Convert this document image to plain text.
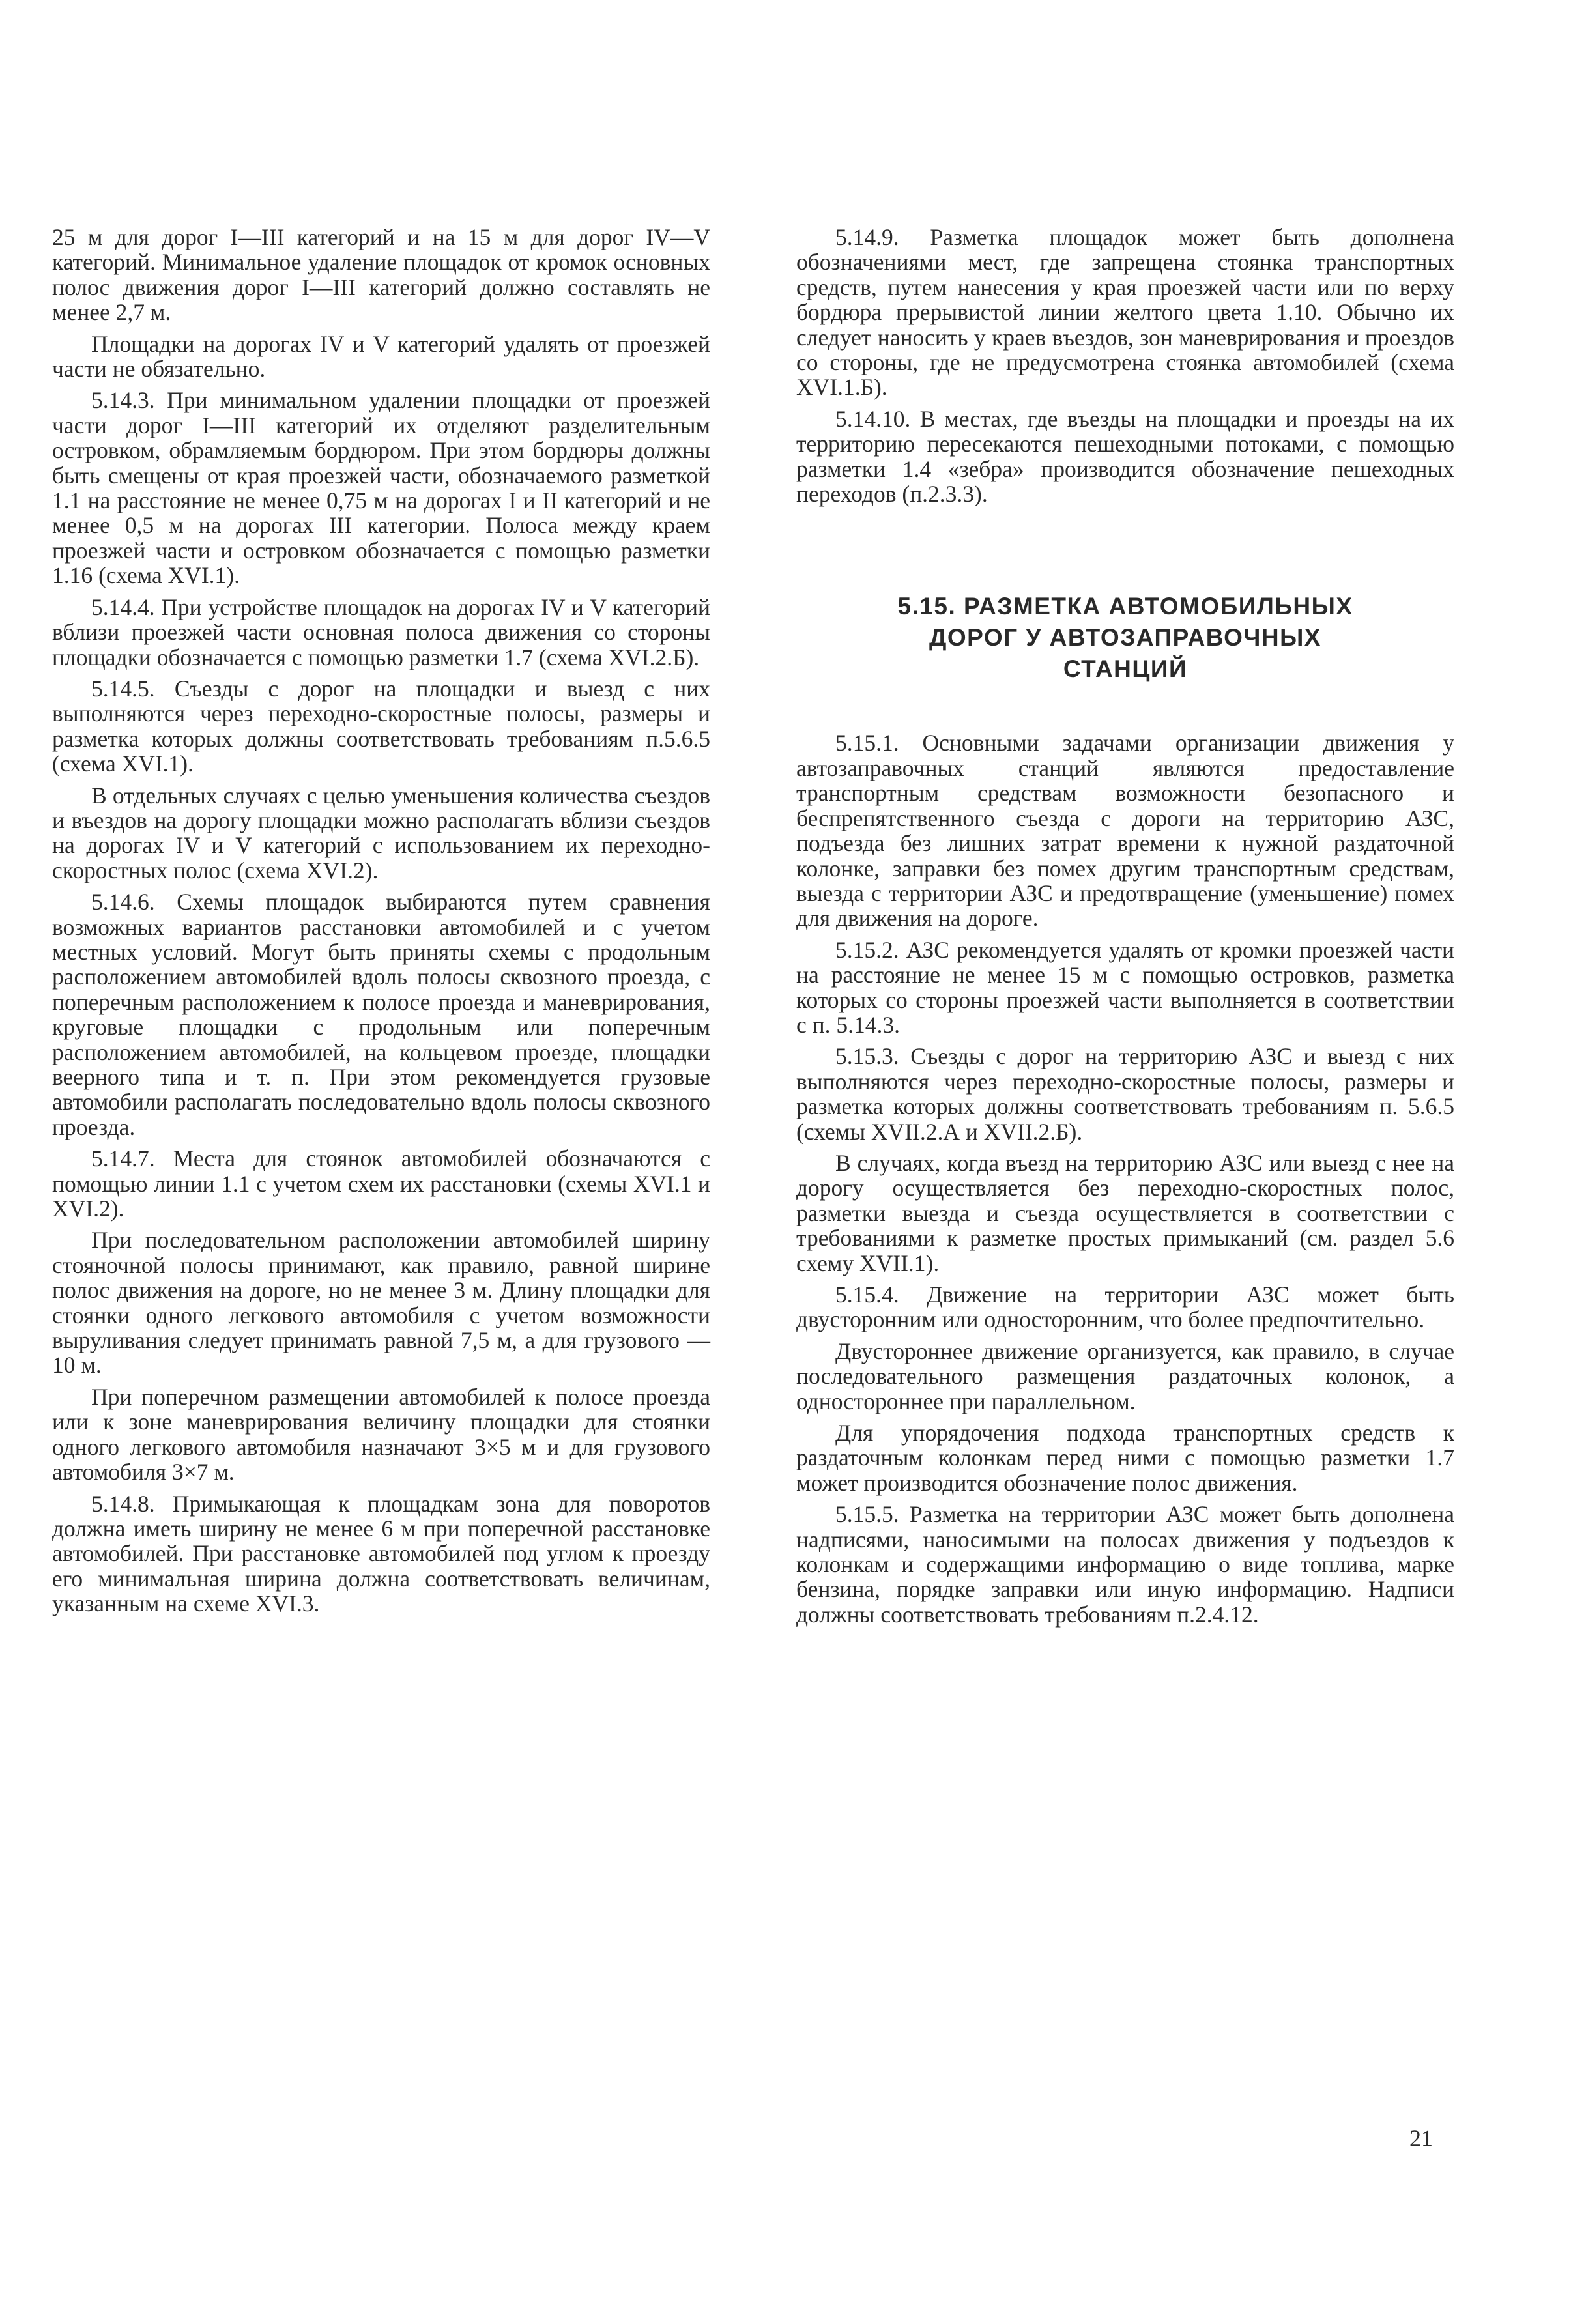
25 м для дорог I—III категорий и на 15 м для дорог IV—V категорий. Минимальное удаление площадок от кромок основных полос движения дорог I—III категорий должно составлять не менее 2,7 м.

Площадки на дорогах IV и V категорий удалять от проезжей части не обязательно.

5.14.3. При минимальном удалении площадки от проезжей части дорог I—III категорий их отделяют разделительным островком, обрамляемым бордюром. При этом бордюры должны быть смещены от края проезжей части, обозначаемого разметкой 1.1 на расстояние не менее 0,75 м на дорогах I и II категорий и не менее 0,5 м на дорогах III категории. Полоса между краем проезжей части и островком обозначается с помощью разметки 1.16 (схема XVI.1).

5.14.4. При устройстве площадок на дорогах IV и V категорий вблизи проезжей части основная полоса движения со стороны площадки обозначается с помощью разметки 1.7 (схема XVI.2.Б).

5.14.5. Съезды с дорог на площадки и выезд с них выполняются через переходно-скоростные полосы, размеры и разметка которых должны соответствовать требованиям п.5.6.5 (схема XVI.1).

В отдельных случаях с целью уменьшения количества съездов и въездов на дорогу площадки можно располагать вблизи съездов на дорогах IV и V категорий с использованием их переходно-скоростных полос (схема XVI.2).

5.14.6. Схемы площадок выбираются путем сравнения возможных вариантов расстановки автомобилей и с учетом местных условий. Могут быть приняты схемы с продольным расположением автомобилей вдоль полосы сквозного проезда, с поперечным расположением к полосе проезда и маневрирования, круговые площадки с продольным или поперечным расположением автомобилей, на кольцевом проезде, площадки веерного типа и т. п. При этом рекомендуется грузовые автомобили располагать последовательно вдоль полосы сквозного проезда.

5.14.7. Места для стоянок автомобилей обозначаются с помощью линии 1.1 с учетом схем их расстановки (схемы XVI.1 и XVI.2).

При последовательном расположении автомобилей ширину стояночной полосы принимают, как правило, равной ширине полос движения на дороге, но не менее 3 м. Длину площадки для стоянки одного легкового автомобиля с учетом возможности выруливания следует принимать равной 7,5 м, а для грузового — 10 м.

При поперечном размещении автомобилей к полосе проезда или к зоне маневрирования величину площадки для стоянки одного легкового автомобиля назначают 3×5 м и для грузового автомобиля 3×7 м.

5.14.8. Примыкающая к площадкам зона для поворотов должна иметь ширину не менее 6 м при поперечной расстановке автомобилей. При расстановке автомобилей под углом к проезду его минимальная ширина должна соответствовать величинам, указанным на схеме XVI.3.

5.14.9. Разметка площадок может быть дополнена обозначениями мест, где запрещена стоянка транспортных средств, путем нанесения у края проезжей части или по верху бордюра прерывистой линии желтого цвета 1.10. Обычно их следует наносить у краев въездов, зон маневрирования и проездов со стороны, где не предусмотрена стоянка автомобилей (схема XVI.1.Б).

5.14.10. В местах, где въезды на площадки и проезды на их территорию пересекаются пешеходными потоками, с помощью разметки 1.4 «зебра» производится обозначение пешеходных переходов (п.2.3.3).

5.15. РАЗМЕТКА АВТОМОБИЛЬНЫХ
ДОРОГ У АВТОЗАПРАВОЧНЫХ
СТАНЦИЙ

5.15.1. Основными задачами организации движения у автозаправочных станций являются предоставление транспортным средствам возможности безопасного и беспрепятственного съезда с дороги на территорию АЗС, подъезда без лишних затрат времени к нужной раздаточной колонке, заправки без помех другим транспортным средствам, выезда с территории АЗС и предотвращение (уменьшение) помех для движения на дороге.

5.15.2. АЗС рекомендуется удалять от кромки проезжей части на расстояние не менее 15 м с помощью островков, разметка которых со стороны проезжей части выполняется в соответствии с п. 5.14.3.

5.15.3. Съезды с дорог на территорию АЗС и выезд с них выполняются через переходно-скоростные полосы, размеры и разметка которых должны соответствовать требованиям п. 5.6.5 (схемы XVII.2.А и XVII.2.Б).

В случаях, когда въезд на территорию АЗС или выезд с нее на дорогу осуществляется без переходно-скоростных полос, разметки выезда и съезда осуществляется в соответствии с требованиями к разметке простых примыканий (см. раздел 5.6 схему XVII.1).

5.15.4. Движение на территории АЗС может быть двусторонним или односторонним, что более предпочтительно.

Двустороннее движение организуется, как правило, в случае последовательного размещения раздаточных колонок, а одностороннее при параллельном.

Для упорядочения подхода транспортных средств к раздаточным колонкам перед ними с помощью разметки 1.7 может производится обозначение полос движения.

5.15.5. Разметка на территории АЗС может быть дополнена надписями, наносимыми на полосах движения у подъездов к колонкам и содержащими информацию о виде топлива, марке бензина, порядке заправки или иную информацию. Надписи должны соответствовать требованиям п.2.4.12.

21
